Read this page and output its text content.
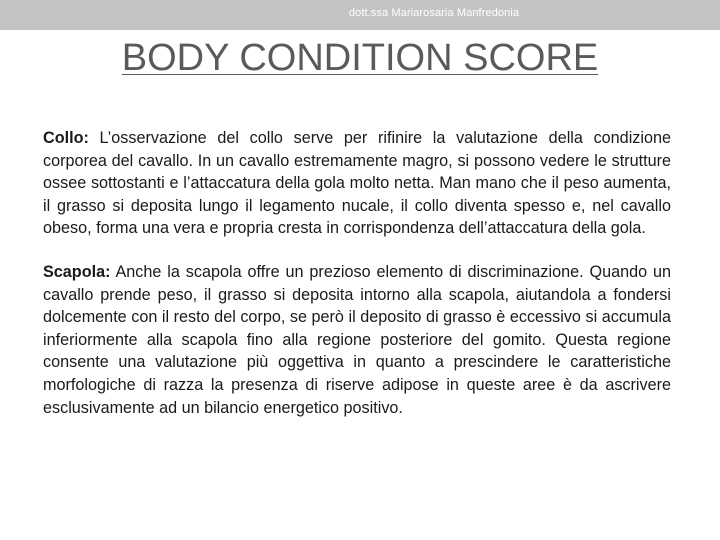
dott.ssa Mariarosaria Manfredonia
BODY CONDITION SCORE

Collo: L’osservazione del collo serve per rifinire la valutazione della condizione corporea del cavallo. In un cavallo estremamente magro, si possono vedere le strutture ossee sottostanti e l’attaccatura della gola molto netta. Man mano che il peso aumenta, il grasso si deposita lungo il legamento nucale, il collo diventa spesso e, nel cavallo obeso, forma una vera e propria cresta in corrispondenza dell’attaccatura della gola.

Scapola: Anche la scapola offre un prezioso elemento di discriminazione. Quando un cavallo prende peso, il grasso si deposita intorno alla scapola, aiutandola a fondersi dolcemente con il resto del corpo, se però il deposito di grasso è eccessivo si accumula inferiormente alla scapola fino alla regione posteriore del gomito. Questa regione consente una valutazione più oggettiva in quanto a prescindere le caratteristiche morfologiche di razza la presenza di riserve adipose in queste aree è da ascrivere esclusivamente ad un bilancio energetico positivo.
